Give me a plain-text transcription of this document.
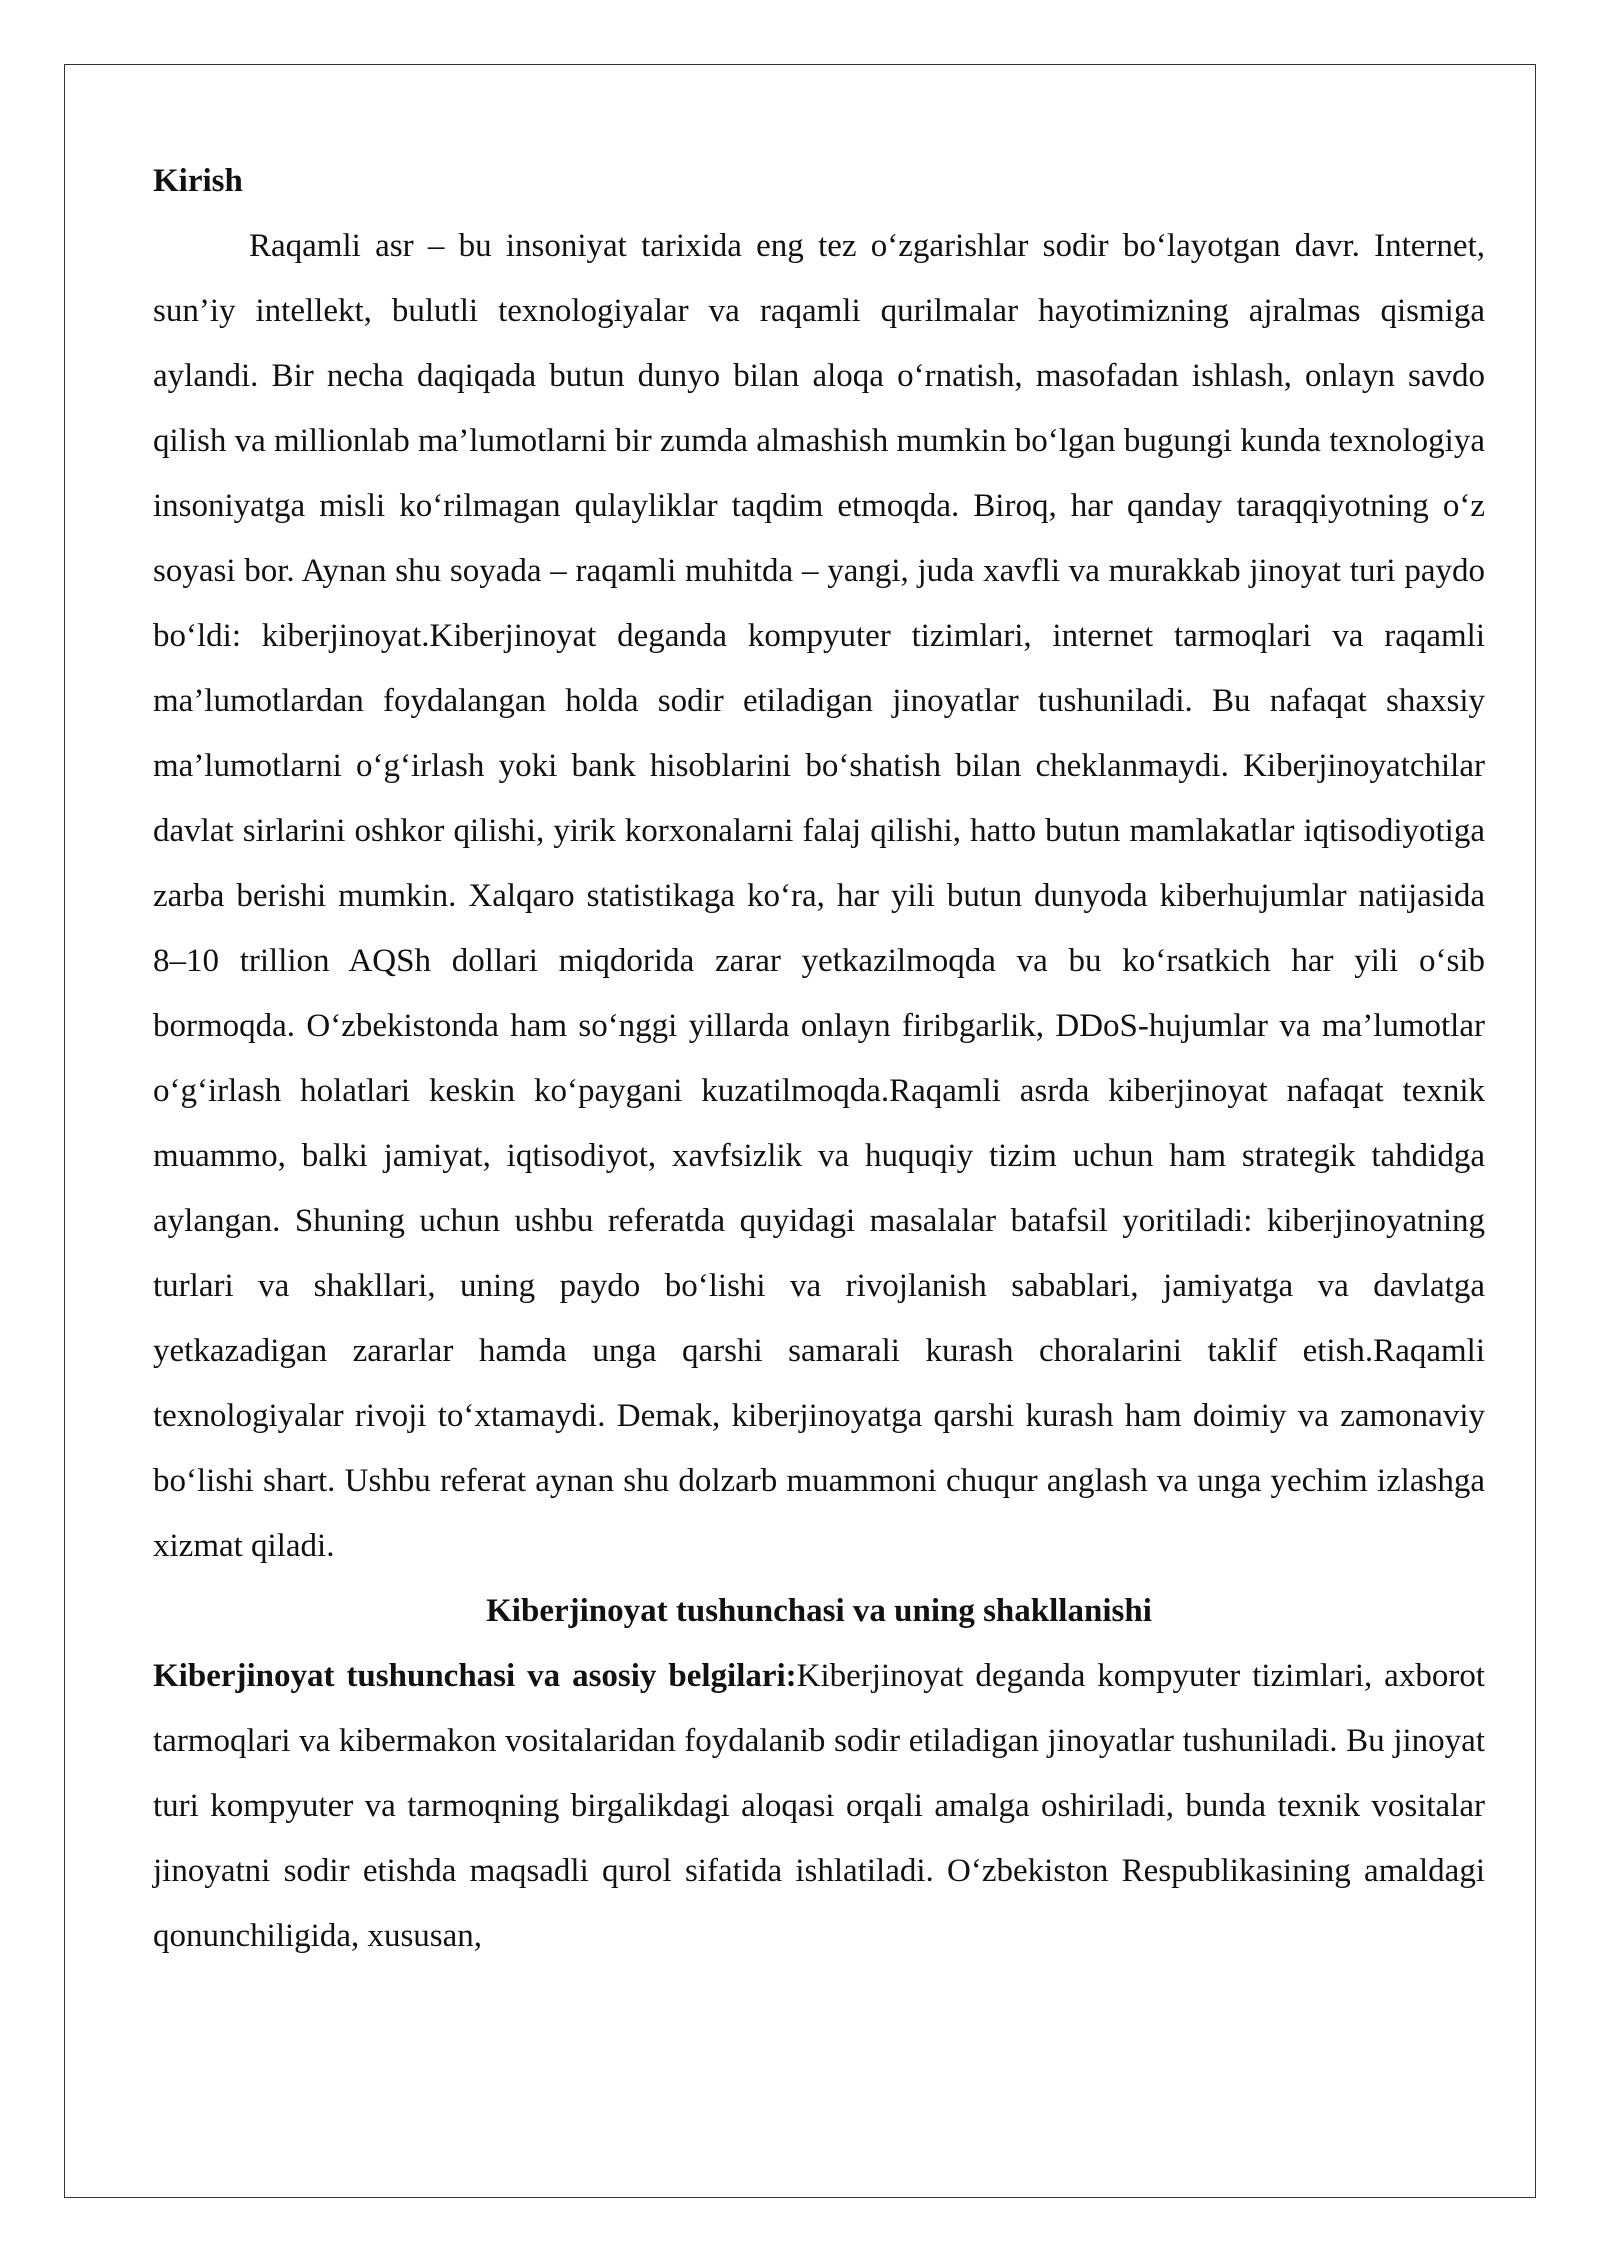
Kirish

Raqamli asr – bu insoniyat tarixida eng tez oʻzgarishlar sodir boʻlayotgan davr. Internet, sun’iy intellekt, bulutli texnologiyalar va raqamli qurilmalar hayotimizning ajralmas qismiga aylandi. Bir necha daqiqada butun dunyo bilan aloqa oʻrnatish, masofadan ishlash, onlayn savdo qilish va millionlab ma’lumotlarni bir zumda almashish mumkin boʻlgan bugungi kunda texnologiya insoniyatga misli koʻrilmagan qulayliklar taqdim etmoqda. Biroq, har qanday taraqqiyotning oʻz soyasi bor. Aynan shu soyada – raqamli muhitda – yangi, juda xavfli va murakkab jinoyat turi paydo boʻldi: kiberjinoyat.Kiberjinoyat deganda kompyuter tizimlari, internet tarmoqlari va raqamli ma’lumotlardan foydalangan holda sodir etiladigan jinoyatlar tushuniladi. Bu nafaqat shaxsiy ma’lumotlarni oʻgʻirlash yoki bank hisoblarini boʻshatish bilan cheklanmaydi. Kiberjinoyatchilar davlat sirlarini oshkor qilishi, yirik korxonalarni falaj qilishi, hatto butun mamlakatlar iqtisodiyotiga zarba berishi mumkin. Xalqaro statistikaga koʻra, har yili butun dunyoda kiberhujumlar natijasida 8–10 trillion AQSh dollari miqdorida zarar yetkazilmoqda va bu koʻrsatkich har yili oʻsib bormoqda. Oʻzbekistonda ham soʻnggi yillarda onlayn firibgarlik, DDoS-hujumlar va ma’lumotlar oʻgʻirlash holatlari keskin koʻpaygani kuzatilmoqda.Raqamli asrda kiberjinoyat nafaqat texnik muammo, balki jamiyat, iqtisodiyot, xavfsizlik va huquqiy tizim uchun ham strategik tahdidga aylangan. Shuning uchun ushbu referatda quyidagi masalalar batafsil yoritiladi: kiberjinoyatning turlari va shakllari, uning paydo boʻlishi va rivojlanish sabablari, jamiyatga va davlatga yetkazadigan zararlar hamda unga qarshi samarali kurash choralarini taklif etish.Raqamli texnologiyalar rivoji toʻxtamaydi. Demak, kiberjinoyatga qarshi kurash ham doimiy va zamonaviy boʻlishi shart. Ushbu referat aynan shu dolzarb muammoni chuqur anglash va unga yechim izlashga xizmat qiladi.

Kiberjinoyat tushunchasi va uning shakllanishi

Kiberjinoyat tushunchasi va asosiy belgilari:Kiberjinoyat deganda kompyuter tizimlari, axborot tarmoqlari va kibermakon vositalaridan foydalanib sodir etiladigan jinoyatlar tushuniladi. Bu jinoyat turi kompyuter va tarmoqning birgalikdagi aloqasi orqali amalga oshiriladi, bunda texnik vositalar jinoyatni sodir etishda maqsadli qurol sifatida ishlatiladi. Oʻzbekiston Respublikasining amaldagi qonunchiligida, xususan,
